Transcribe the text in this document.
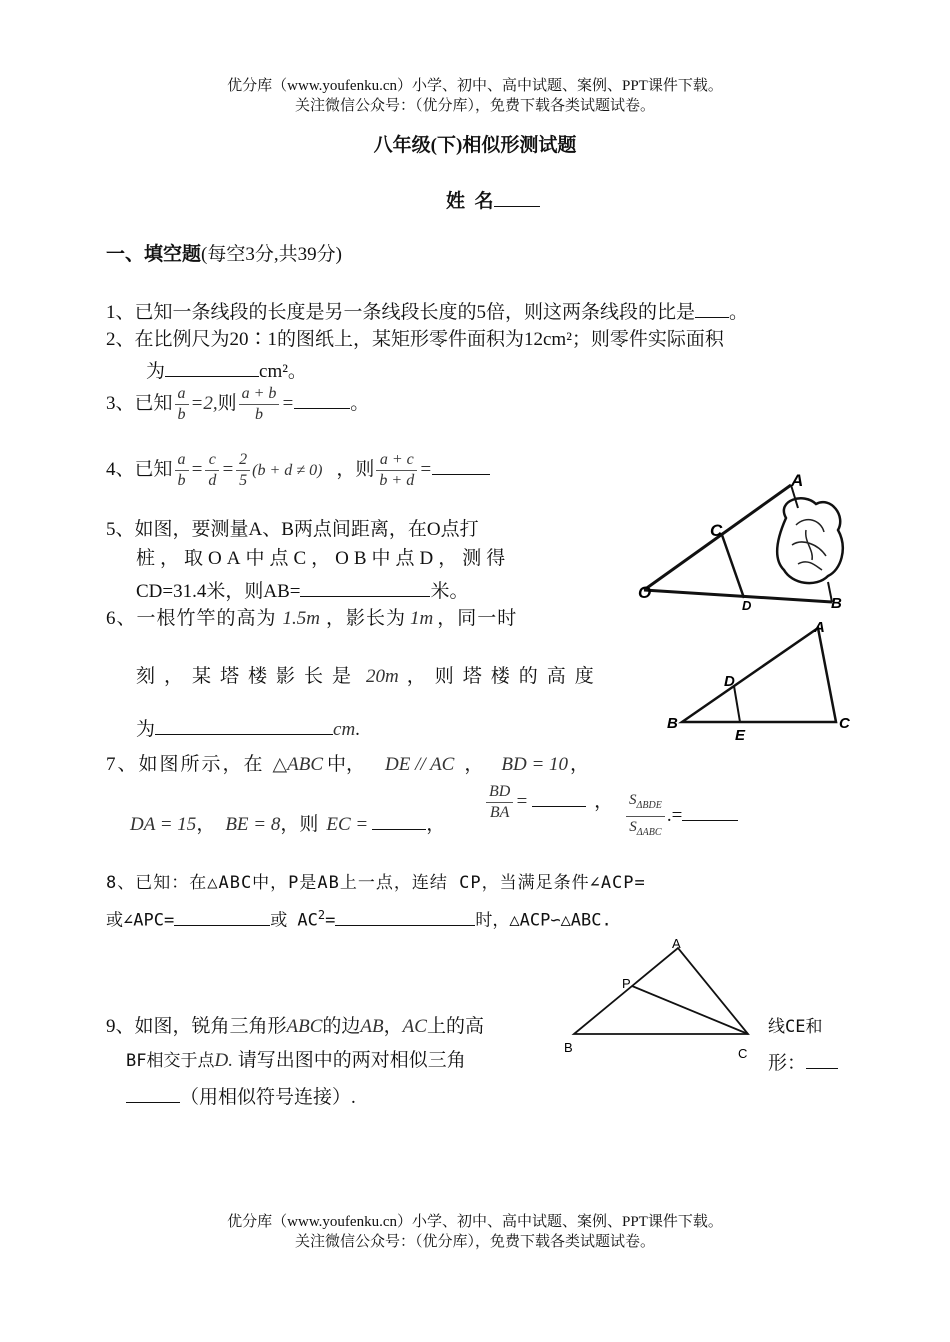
优分库（www.youfenku.cn）小学、初中、高中试题、案例、PPT课件下载。
关注微信公众号：（优分库），免费下载各类试题试卷。
八年级(下)相似形测试题
姓  名
一、填空题(每空3分,共39分)
1、已知一条线段的长度是另一条线段长度的5倍，则这两条线段的比是 。
2、在比例尺为20∶1的图纸上，某矩形零件面积为12cm²；则零件实际面积
为	cm²。
3、已知 $\frac{a}{b} =2$,则 $\frac{a + b}{b}$ =	。
4、已知 $\frac{a}{b} = \frac{c}{d} = \frac{2}{5} (b + d \ne 0)$ ，则 $\frac{a + c}{b + d}$ =
5、如图，要测量A、B两点间距离，在O点打
桩，取OA中点C，OB中点D，测得
CD=31.4米，则AB=	米。
A
C
O
D	B
6、一根竹竿的高为 1.5m ，影长为 1m ，同一时
刻，某塔楼影长是 20m ，则塔楼的高度
为	cm.
A
D
B
E
C
7、如图所示，在 △ABC 中， DE // AC ， BD = 10 ，
DA = 15， BE = 8，则 EC =	，
$\frac{BD}{BA}$ =	， $\frac{S_{\Delta BDE}}{S_{\Delta ABC}}$ .=
8、已知：在△ABC中，P是AB上一点，连结 CP，当满足条件∠ACP=
或∠APC=	或 $AC^2=$	时，△ACP∽△ABC.
A
P
B	C
9、如图，锐角三角形ABC的边AB，AC上的高	线CE和
BF相交于点D. 请写出图中的两对相似三角	形：
（用相似符号连接）.
优分库（www.youfenku.cn）小学、初中、高中试题、案例、PPT课件下载。
关注微信公众号：（优分库），免费下载各类试题试卷。
